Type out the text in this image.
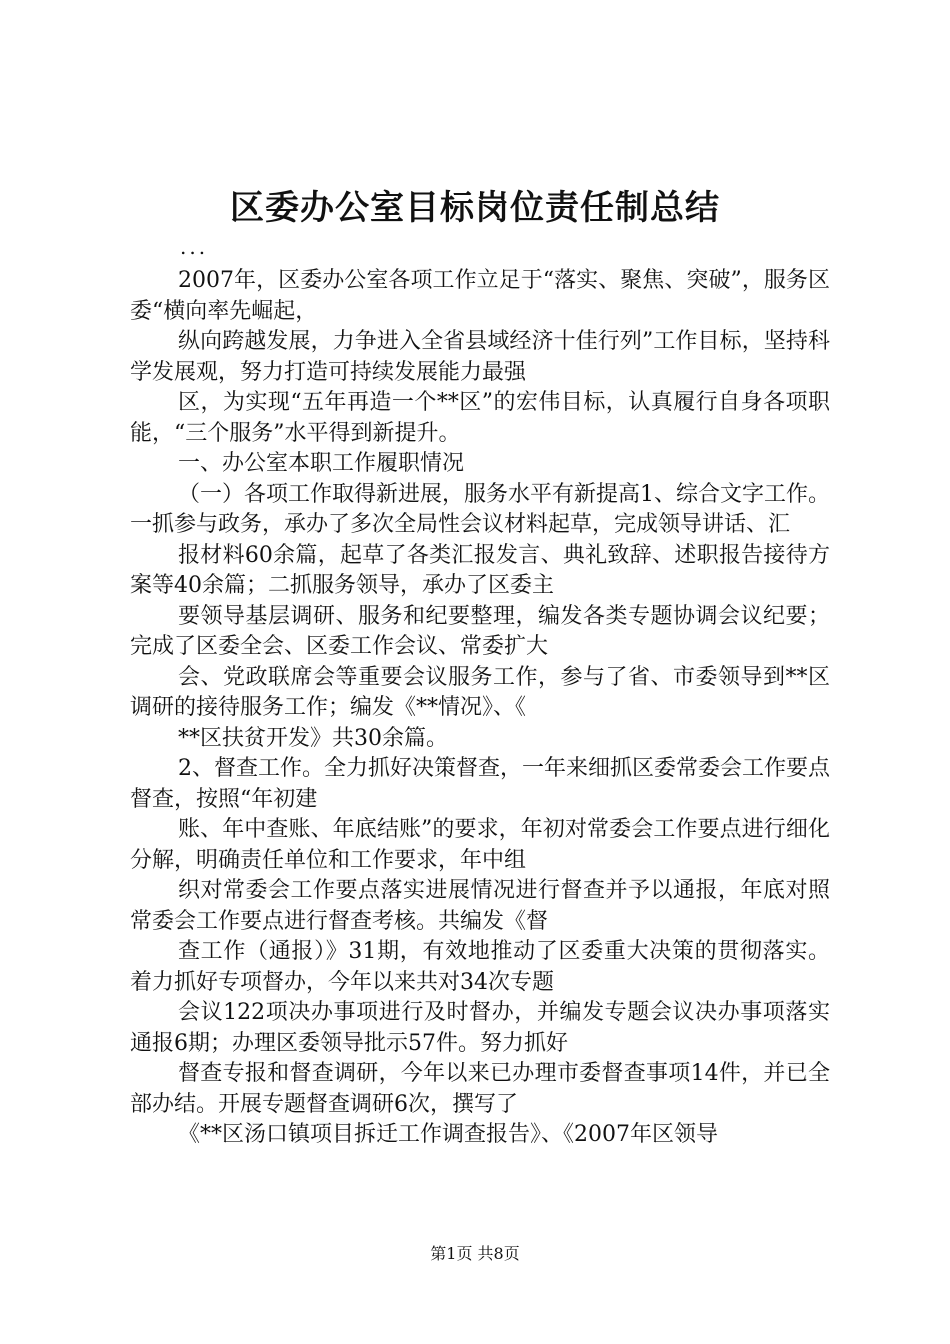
区委办公室目标岗位责任制总结
...

2007年，区委办公室各项工作立足于“落实、聚焦、突破”，服务区委“横向率先崛起，

纵向跨越发展，力争进入全省县域经济十佳行列”工作目标，坚持科学发展观，努力打造可持续发展能力最强

区，为实现“五年再造一个**区”的宏伟目标，认真履行自身各项职能，“三个服务”水平得到新提升。

一、办公室本职工作履职情况

（一）各项工作取得新进展，服务水平有新提高1、综合文字工作。一抓参与政务，承办了多次全局性会议材料起草，完成领导讲话、汇

报材料60余篇，起草了各类汇报发言、典礼致辞、述职报告接待方案等40余篇；二抓服务领导，承办了区委主

要领导基层调研、服务和纪要整理，编发各类专题协调会议纪要；完成了区委全会、区委工作会议、常委扩大

会、党政联席会等重要会议服务工作，参与了省、市委领导到**区调研的接待服务工作；编发《**情况》、《

**区扶贫开发》共30余篇。

2、督查工作。全力抓好决策督查，一年来细抓区委常委会工作要点督查，按照“年初建

账、年中查账、年底结账”的要求，年初对常委会工作要点进行细化分解，明确责任单位和工作要求，年中组

织对常委会工作要点落实进展情况进行督查并予以通报，年底对照常委会工作要点进行督查考核。共编发《督

查工作（通报）》31期，有效地推动了区委重大决策的贯彻落实。着力抓好专项督办，今年以来共对34次专题

会议122项决办事项进行及时督办，并编发专题会议决办事项落实通报6期；办理区委领导批示57件。努力抓好

督查专报和督查调研，今年以来已办理市委督查事项14件，并已全部办结。开展专题督查调研6次，撰写了

《**区汤口镇项目拆迁工作调查报告》、《2007年区领导

第1页 共8页
